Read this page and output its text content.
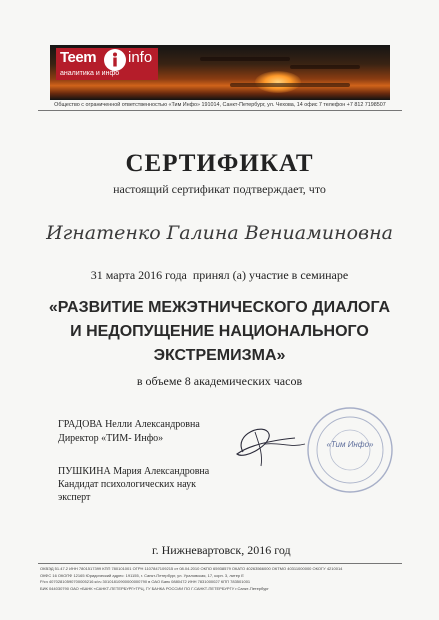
Teem info
аналитика и инфо
Общество с ограниченной ответственностью «Тим Инфо» 191014, Санкт-Петербург, ул. Чехова, 14 офис 7 телефон +7 812 7198507
СЕРТИФИКАТ
настоящий сертификат подтверждает, что
Игнатенко Галина Вениаминовна
31 марта 2016 года  принял (а) участие в семинаре
«РАЗВИТИЕ МЕЖЭТНИЧЕСКОГО ДИАЛОГА
И НЕДОПУЩЕНИЕ НАЦИОНАЛЬНОГО
ЭКСТРЕМИЗМА»
в объеме 8 академических часов
ГРАДОВА Нелли Александровна
Директор «ТИМ- Инфо»
ПУШКИНА Мария Александровна
Кандидат психологических наук
эксперт
«Тим Инфо»
г. Нижневартовск, 2016 год
ОКВЭД 51.47.2 ИНН 7801517399 КПП 780101001 ОГРН 1107847109215 от 08.04.2010 ОКПО 65938579 ОКАТО 40263566000 ОКТМО 40311000000 ОКОГУ 4210014
ОКФС 16 ОКОПФ 12165 Юридический адрес: 191155, г. Санкт-Петербург, ул. Ураловская, 17, корп. 3, литер Е
Р/сч 40702810590700005216 к/сч 30101810900000000790 в ОАО Банк 0880472 ИНН 7831000027 КПП 783501001
БИК 044030790 ОАО «БАНК «САНКТ-ПЕТЕРБУРГ»ТРЦ, ГУ БАНКА РОССИИ ПО Г.САНКТ-ПЕТЕРБУРГУ г.Санкт-Петербург
